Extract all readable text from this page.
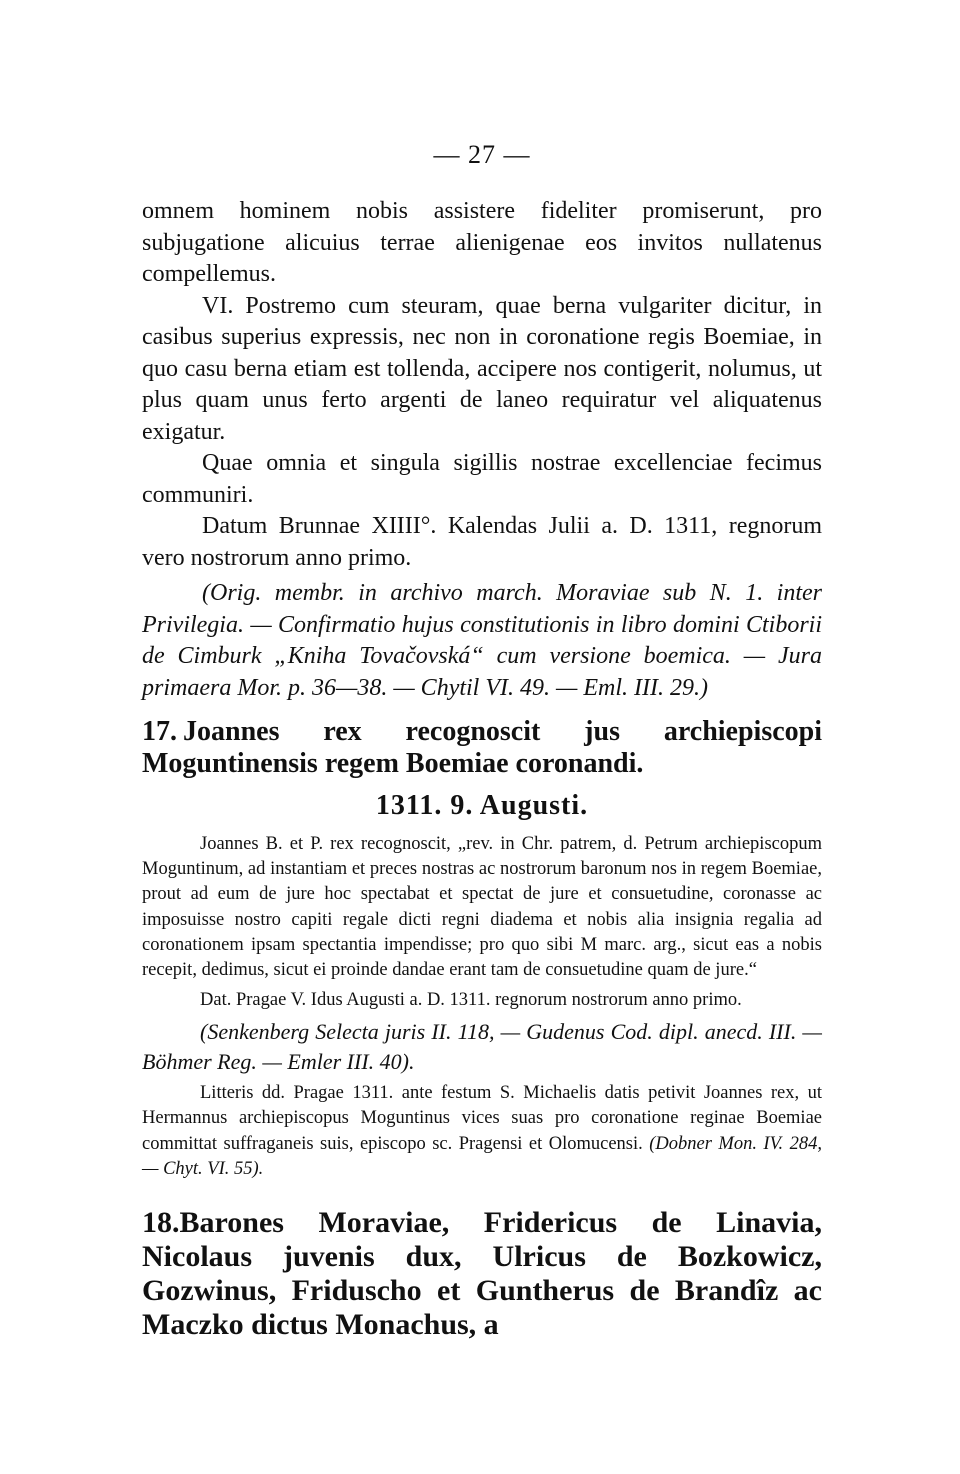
— 27 —

omnem hominem nobis assistere fideliter promiserunt, pro subjugatione alicuius terrae alienigenae eos invitos nullatenus compellemus.

VI. Postremo cum steuram, quae berna vulgariter dicitur, in casibus superius expressis, nec non in coronatione regis Boemiae, in quo casu berna etiam est tollenda, accipere nos contigerit, nolumus, ut plus quam unus ferto argenti de laneo requiratur vel aliquatenus exigatur.

Quae omnia et singula sigillis nostrae excellenciae fecimus communiri.

Datum Brunnae XIIII°. Kalendas Julii a. D. 1311, regnorum vero nostrorum anno primo.

(Orig. membr. in archivo march. Moraviae sub N. 1. inter Privilegia. — Confirmatio hujus constitutionis in libro domini Ctiborii de Cimburk „Kniha Tovačovská“ cum versione boemica. — Jura primaera Mor. p. 36—38. — Chytil VI. 49. — Eml. III. 29.)

17. Joannes rex recognoscit jus archiepiscopi Moguntinensis regem Boemiae coronandi.
1311. 9. Augusti.

Joannes B. et P. rex recognoscit, „rev. in Chr. patrem, d. Petrum archiepiscopum Moguntinum, ad instantiam et preces nostras ac nostrorum baronum nos in regem Boemiae, prout ad eum de jure hoc spectabat et spectat de jure et consuetudine, coronasse ac imposuisse nostro capiti regale dicti regni diadema et nobis alia insignia regalia ad coronationem ipsam spectantia impendisse; pro quo sibi M marc. arg., sicut eas a nobis recepit, dedimus, sicut ei proinde dandae erant tam de consuetudine quam de jure.“

Dat. Pragae V. Idus Augusti a. D. 1311. regnorum nostrorum anno primo.

(Senkenberg Selecta juris II. 118, — Gudenus Cod. dipl. anecd. III. — Böhmer Reg. — Emler III. 40).

Litteris dd. Pragae 1311. ante festum S. Michaelis datis petivit Joannes rex, ut Hermannus archiepiscopus Moguntinus vices suas pro coronatione reginae Boemiae committat suffraganeis suis, episcopo sc. Pragensi et Olomucensi. (Dobner Mon. IV. 284, — Chyt. VI. 55).

18.Barones Moraviae, Fridericus de Linavia, Nicolaus juvenis dux, Ulricus de Bozkowicz, Gozwinus, Friduscho et Guntherus de Brandîz ac Maczko dictus Monachus, a
